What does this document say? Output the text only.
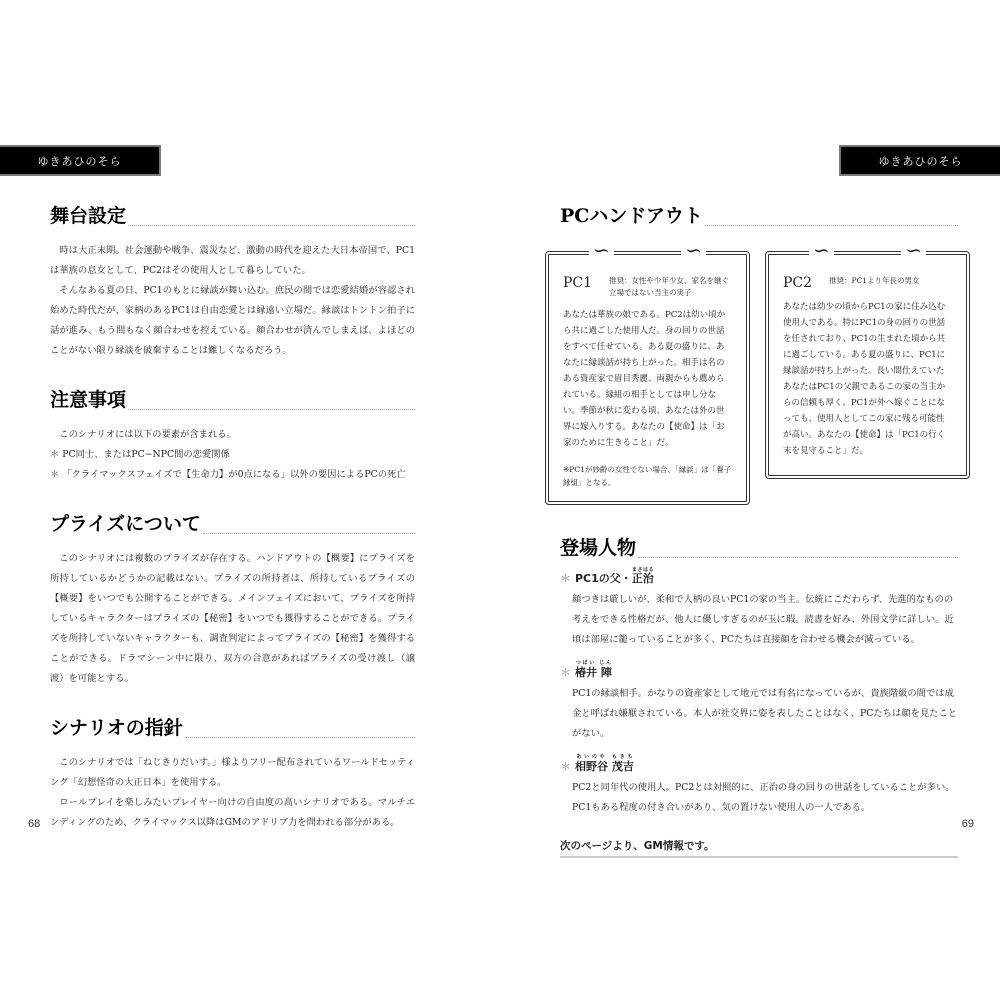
ゆきあひのそら	ゆきあひのそら
舞台設定

時は大正末期。社会運動や戦争、震災など、激動の時代を迎えた大日本帝国で、PC1は華族の息女として、PC2はその使用人として暮らしていた。

そんなある夏の日、PC1のもとに縁談が舞い込む。庶民の間では恋愛結婚が容認され始めた時代だが、家柄のあるPC1は自由恋愛とは縁遠い立場だ。縁談はトントン拍子に話が進み、もう間もなく顔合わせを控えている。顔合わせが済んでしまえば、よほどのことがない限り縁談を破棄することは難しくなるだろう。

注意事項

このシナリオには以下の要素が含まれる。

＊ PC同士、またはPC−NPC間の恋愛関係

＊ 「クライマックスフェイズで【生命力】が0点になる」以外の要因によるPCの死亡

プライズについて

このシナリオには複数のプライズが存在する。ハンドアウトの【概要】にプライズを所持しているかどうかの記載はない。プライズの所持者は、所持しているプライズの【概要】をいつでも公開することができる。メインフェイズにおいて、プライズを所持しているキャラクターはプライズの【秘密】をいつでも獲得することができる。プライズを所持していないキャラクターも、調査判定によってプライズの【秘密】を獲得することができる。ドラマシーン中に限り、双方の合意があればプライズの受け渡し（譲渡）を可能とする。

シナリオの指針

このシナリオでは「ねじきりだいす。」様よりフリー配布されているワールドセッティング「幻想怪奇の大正日本」を使用する。

ロールプレイを楽しみたいプレイヤー向けの自由度の高いシナリオである。マルチエンディングのため、クライマックス以降はGMのアドリブ力を問われる部分がある。

PCハンドアウト
∽ PC1	推奨：女性や少年少女、家名を継ぐ立場ではない当主の実子

あなたは華族の娘である。PC2は幼い頃から共に過ごした使用人だ。身の回りの世話をすべて任せている。ある夏の盛りに、あなたに縁談話が持ち上がった。相手は名のある資産家で眉目秀麗、両親からも薦められている。縁組の相手としては申し分ない。季節が秋に変わる頃、あなたは外の世界に嫁入りする。あなたの【使命】は「お家のために生きること」だ。

※PC1が妙齢の女性でない場合、「縁談」は「養子縁組」となる。

∽
∽ PC2	推奨：PC1より年長の男女

あなたは幼少の頃からPC1の家に住み込む使用人である。特にPC1の身の回りの世話を任されており、PC1の生まれた頃から共に過ごしている。ある夏の盛りに、PC1に縁談話が持ち上がった。長い間仕えていたあなたはPC1の父親であるこの家の当主からの信頼も厚く、PC1が外へ嫁ぐことになっても、使用人としてこの家に残る可能性が高い。あなたの【使命】は「PC1の行く末を見守ること」だ。

∽
登場人物
＊ PC1の父・正治まさはる

顔つきは厳しいが、柔和で人柄の良いPC1の家の当主。伝統にこだわらず、先進的なものの考えをできる性格だが、他人に優しすぎるのが玉に瑕。読書を好み、外国文学に詳しい。近頃は部屋に籠っていることが多く、PCたちは直接顔を合わせる機会が減っている。

＊ 椿井 陣つばい じん

PC1の縁談相手。かなりの資産家として地元では有名になっているが、貴族階級の間では成金と呼ばれ嫌厭されている。本人が社交界に姿を表したことはなく、PCたちは顔を見たことがない。

＊ 相野谷 茂吉あいのや もきち

PC2と同年代の使用人。PC2とは対照的に、正治の身の回りの世話をしていることが多い。PC1もある程度の付き合いがあり、気の置けない使用人の一人である。

次のページより、GM情報です。
68	69
